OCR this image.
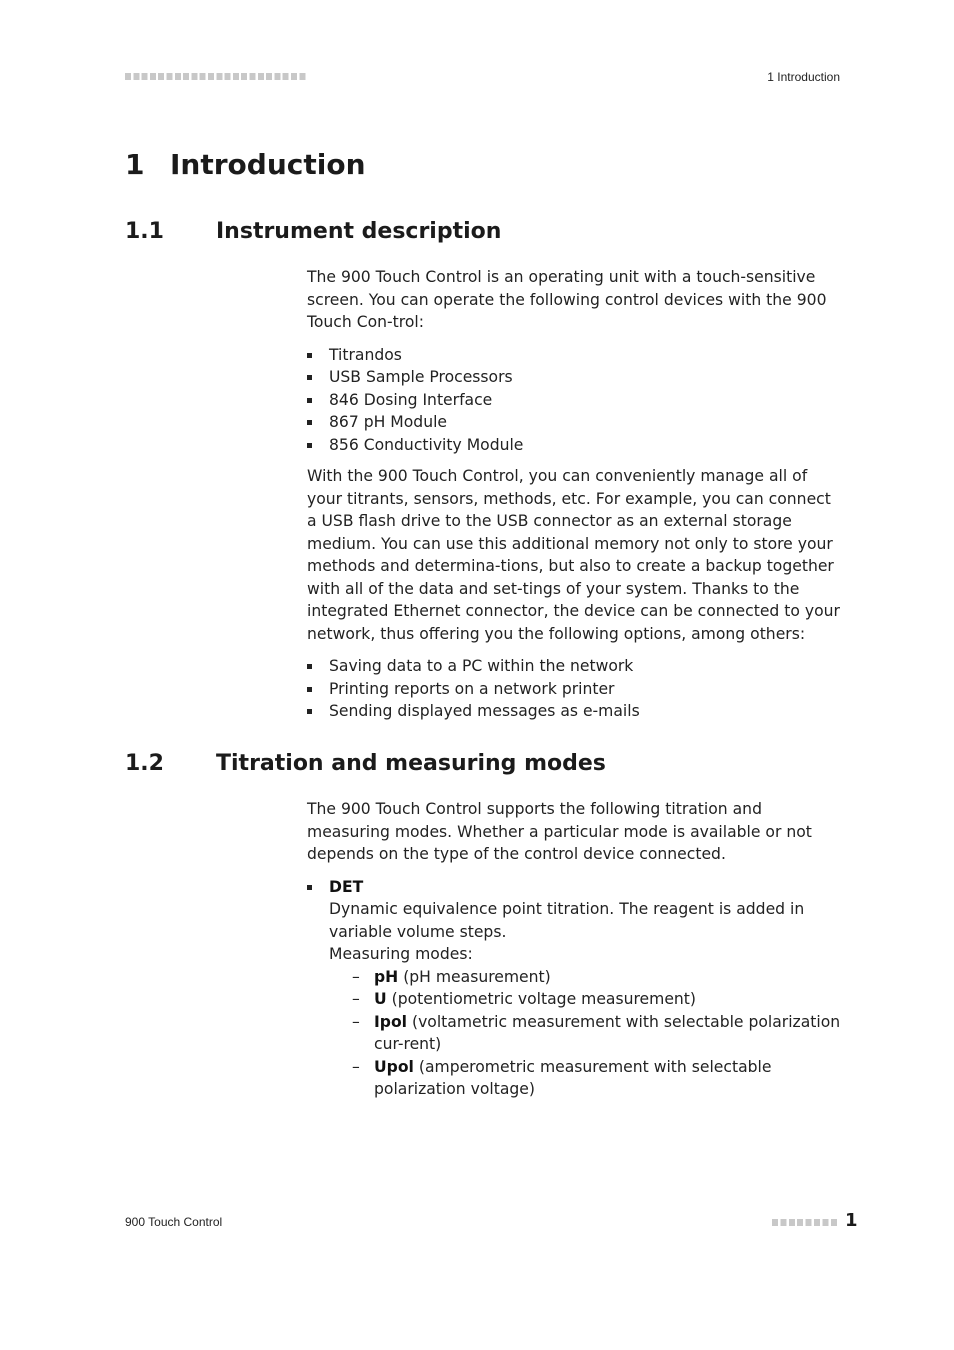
1 Introduction
1 Introduction
1.1 Instrument description

The 900 Touch Control is an operating unit with a touch-sensitive screen. You can operate the following control devices with the 900 Touch Con-trol:

Titrandos
USB Sample Processors
846 Dosing Interface
867 pH Module
856 Conductivity Module

With the 900 Touch Control, you can conveniently manage all of your titrants, sensors, methods, etc. For example, you can connect a USB flash drive to the USB connector as an external storage medium. You can use this additional memory not only to store your methods and determina-tions, but also to create a backup together with all of the data and set-tings of your system. Thanks to the integrated Ethernet connector, the device can be connected to your network, thus offering you the following options, among others:

Saving data to a PC within the network
Printing reports on a network printer
Sending displayed messages as e-mails
1.2 Titration and measuring modes

The 900 Touch Control supports the following titration and measuring modes. Whether a particular mode is available or not depends on the type of the control device connected.

DET
Dynamic equivalence point titration. The reagent is added in variable volume steps.
Measuring modes:
– pH (pH measurement)
– U (potentiometric voltage measurement)
– Ipol (voltametric measurement with selectable polarization cur-rent)
– Upol (amperometric measurement with selectable polarization voltage)
900 Touch Control	1
